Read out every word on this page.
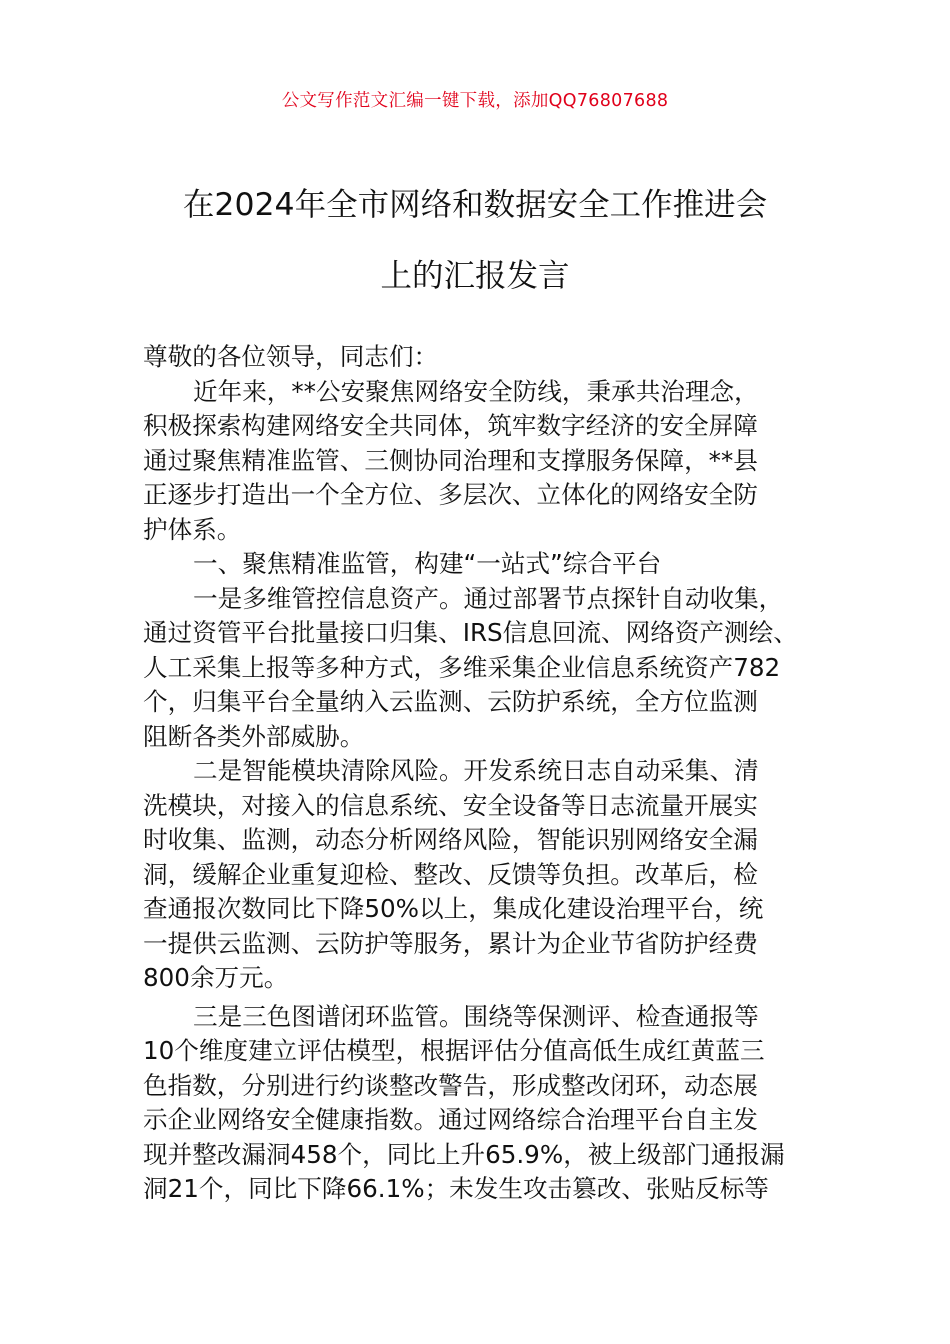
公文写作范文汇编一键下载，添加QQ76807688
在2024年全市网络和数据安全工作推进会
上的汇报发言
尊敬的各位领导，同志们：
近年来，**公安聚焦网络安全防线，秉承共治理念，
积极探索构建网络安全共同体，筑牢数字经济的安全屏障
通过聚焦精准监管、三侧协同治理和支撑服务保障，**县
正逐步打造出一个全方位、多层次、立体化的网络安全防
护体系。
一、聚焦精准监管，构建“一站式”综合平台
一是多维管控信息资产。通过部署节点探针自动收集，
通过资管平台批量接口归集、IRS信息回流、网络资产测绘、
人工采集上报等多种方式，多维采集企业信息系统资产782
个，归集平台全量纳入云监测、云防护系统，全方位监测
阻断各类外部威胁。
二是智能模块清除风险。开发系统日志自动采集、清
洗模块，对接入的信息系统、安全设备等日志流量开展实
时收集、监测，动态分析网络风险，智能识别网络安全漏
洞，缓解企业重复迎检、整改、反馈等负担。改革后，检
查通报次数同比下降50%以上，集成化建设治理平台，统
一提供云监测、云防护等服务，累计为企业节省防护经费
800余万元。
三是三色图谱闭环监管。围绕等保测评、检查通报等
10个维度建立评估模型，根据评估分值高低生成红黄蓝三
色指数，分别进行约谈整改警告，形成整改闭环，动态展
示企业网络安全健康指数。通过网络综合治理平台自主发
现并整改漏洞458个，同比上升65.9%，被上级部门通报漏
洞21个，同比下降66.1%；未发生攻击篡改、张贴反标等
